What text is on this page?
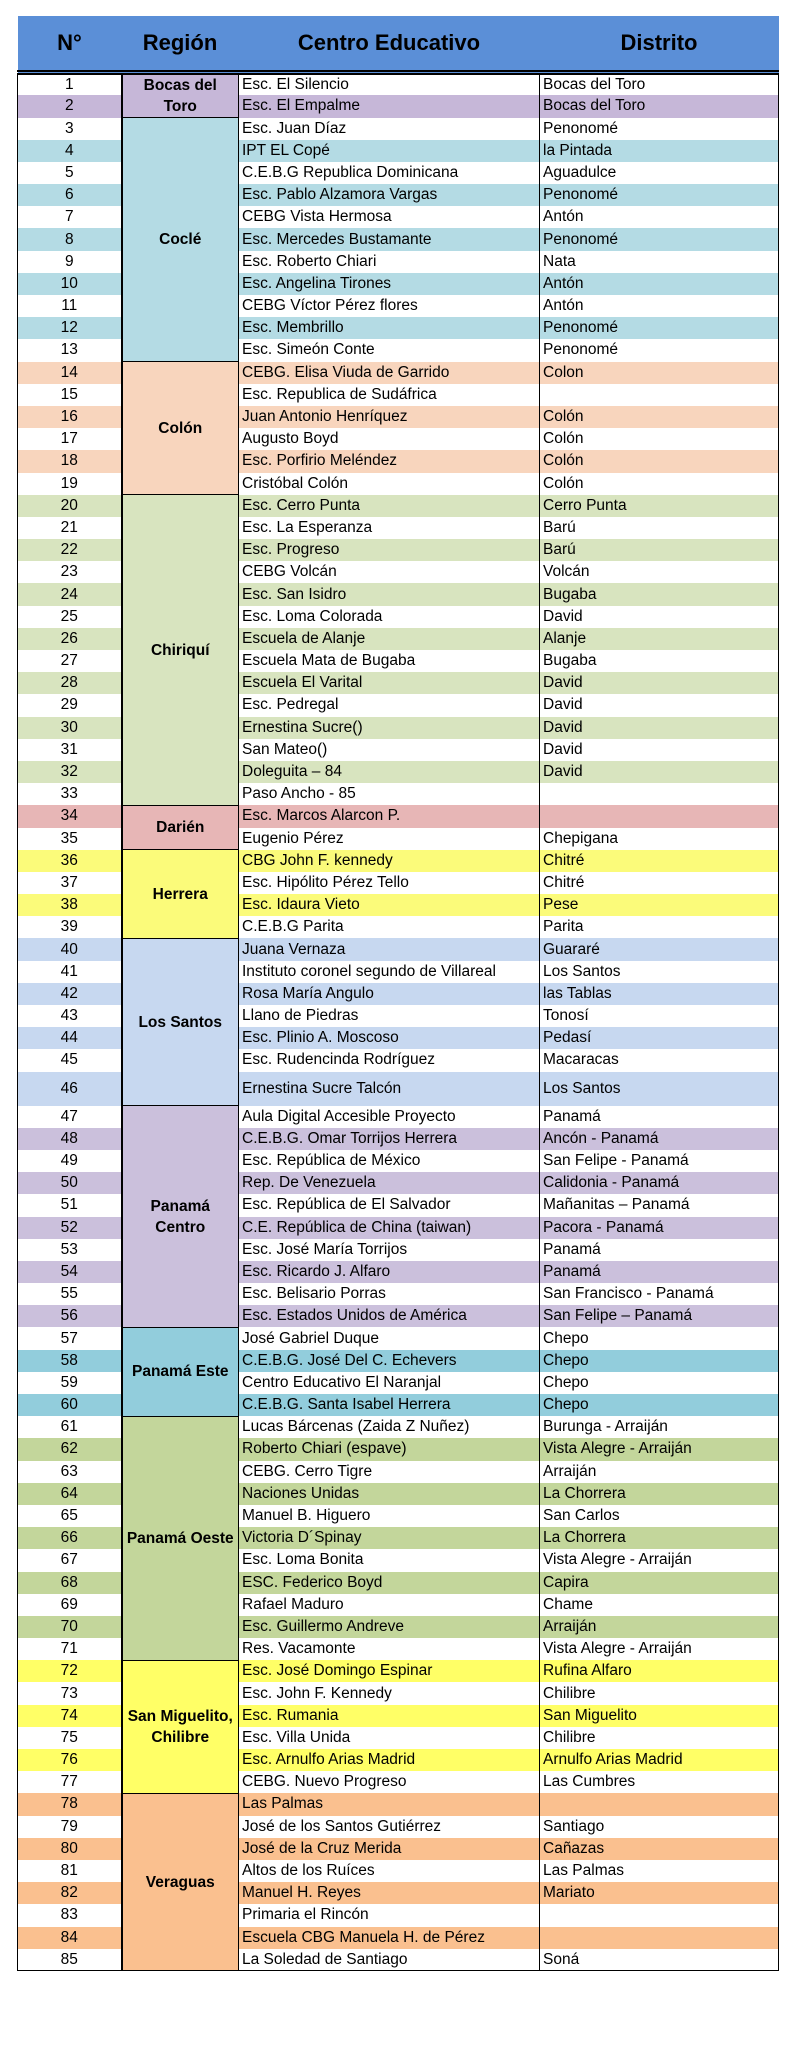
N°	Región	Centro Educativo	Distrito
1	Bocas del Toro	Esc. El Silencio	Bocas del Toro
2		Esc. El Empalme	Bocas del Toro
3	Coclé	Esc. Juan Díaz	Penonomé
4		IPT EL Copé	la Pintada
5		C.E.B.G Republica Dominicana	Aguadulce
6		Esc. Pablo Alzamora Vargas	Penonomé
7		CEBG Vista Hermosa	Antón
8		Esc. Mercedes Bustamante	Penonomé
9		Esc. Roberto Chiari	Nata
10		Esc. Angelina Tirones	Antón
11		CEBG Víctor Pérez flores	Antón
12		Esc. Membrillo	Penonomé
13		Esc. Simeón Conte	Penonomé
14	Colón	CEBG. Elisa Viuda de Garrido	Colon
15		Esc. Republica de Sudáfrica	
16		Juan Antonio Henríquez	Colón
17		Augusto Boyd	Colón
18		Esc. Porfirio Meléndez	Colón
19		Cristóbal Colón	Colón
20	Chiriquí	Esc. Cerro Punta	Cerro Punta
21		Esc. La Esperanza	Barú
22		Esc. Progreso	Barú
23		CEBG Volcán	Volcán
24		Esc. San Isidro	Bugaba
25		Esc. Loma Colorada	David
26		Escuela de Alanje	Alanje
27		Escuela Mata de Bugaba	Bugaba
28		Escuela El Varital	David
29		Esc. Pedregal	David
30		Ernestina Sucre()	David
31		San Mateo()	David
32		Doleguita – 84	David
33		Paso Ancho - 85	
34	Darién	Esc. Marcos Alarcon P.	
35		Eugenio Pérez	Chepigana
36	Herrera	CBG John F. kennedy	Chitré
37		Esc. Hipólito Pérez Tello	Chitré
38		Esc. Idaura Vieto	Pese
39		C.E.B.G Parita	Parita
40	Los Santos	Juana Vernaza	Guararé
41		Instituto coronel segundo de Villareal	Los Santos
42		Rosa María Angulo	las Tablas
43		Llano de Piedras	Tonosí
44		Esc. Plinio A. Moscoso	Pedasí
45		Esc. Rudencinda Rodríguez	Macaracas
46		Ernestina Sucre Talcón	Los Santos
47	Panamá Centro	Aula Digital Accesible Proyecto	Panamá
48		C.E.B.G. Omar Torrijos Herrera	Ancón - Panamá
49		Esc. República de México	San Felipe - Panamá
50		Rep. De Venezuela	Calidonia - Panamá
51		Esc. República de El Salvador	Mañanitas – Panamá
52		C.E. República de China (taiwan)	Pacora - Panamá
53		Esc. José María Torrijos	Panamá
54		Esc. Ricardo J. Alfaro	Panamá
55		Esc. Belisario Porras	San Francisco - Panamá
56		Esc. Estados Unidos de América	San Felipe – Panamá
57	Panamá Este	José Gabriel Duque	Chepo
58		C.E.B.G. José Del C. Echevers	Chepo
59		Centro Educativo El Naranjal	Chepo
60		C.E.B.G. Santa Isabel Herrera	Chepo
61	Panamá Oeste	Lucas Bárcenas (Zaida Z Nuñez)	Burunga - Arraiján
62		Roberto Chiari (espave)	Vista Alegre - Arraiján
63		CEBG. Cerro Tigre	Arraiján
64		Naciones Unidas	La Chorrera
65		Manuel B. Higuero	San Carlos
66		Victoria D´Spinay	La Chorrera
67		Esc. Loma Bonita	Vista Alegre - Arraiján
68		ESC. Federico Boyd	Capira
69		Rafael Maduro	Chame
70		Esc. Guillermo Andreve	Arraiján
71		Res. Vacamonte	Vista Alegre - Arraiján
72	San Miguelito, Chilibre	Esc. José Domingo Espinar	Rufina Alfaro
73		Esc. John F. Kennedy	Chilibre
74		Esc. Rumania	San Miguelito
75		Esc. Villa Unida	Chilibre
76		Esc. Arnulfo Arias Madrid	Arnulfo Arias Madrid
77		CEBG. Nuevo Progreso	Las Cumbres
78	Veraguas	Las Palmas	
79		José de los Santos Gutiérrez	Santiago
80		José de la Cruz Merida	Cañazas
81		Altos de los Ruíces	Las Palmas
82		Manuel H. Reyes	Mariato
83		Primaria el Rincón	
84		Escuela CBG Manuela H. de Pérez	
85		La Soledad de Santiago	Soná
